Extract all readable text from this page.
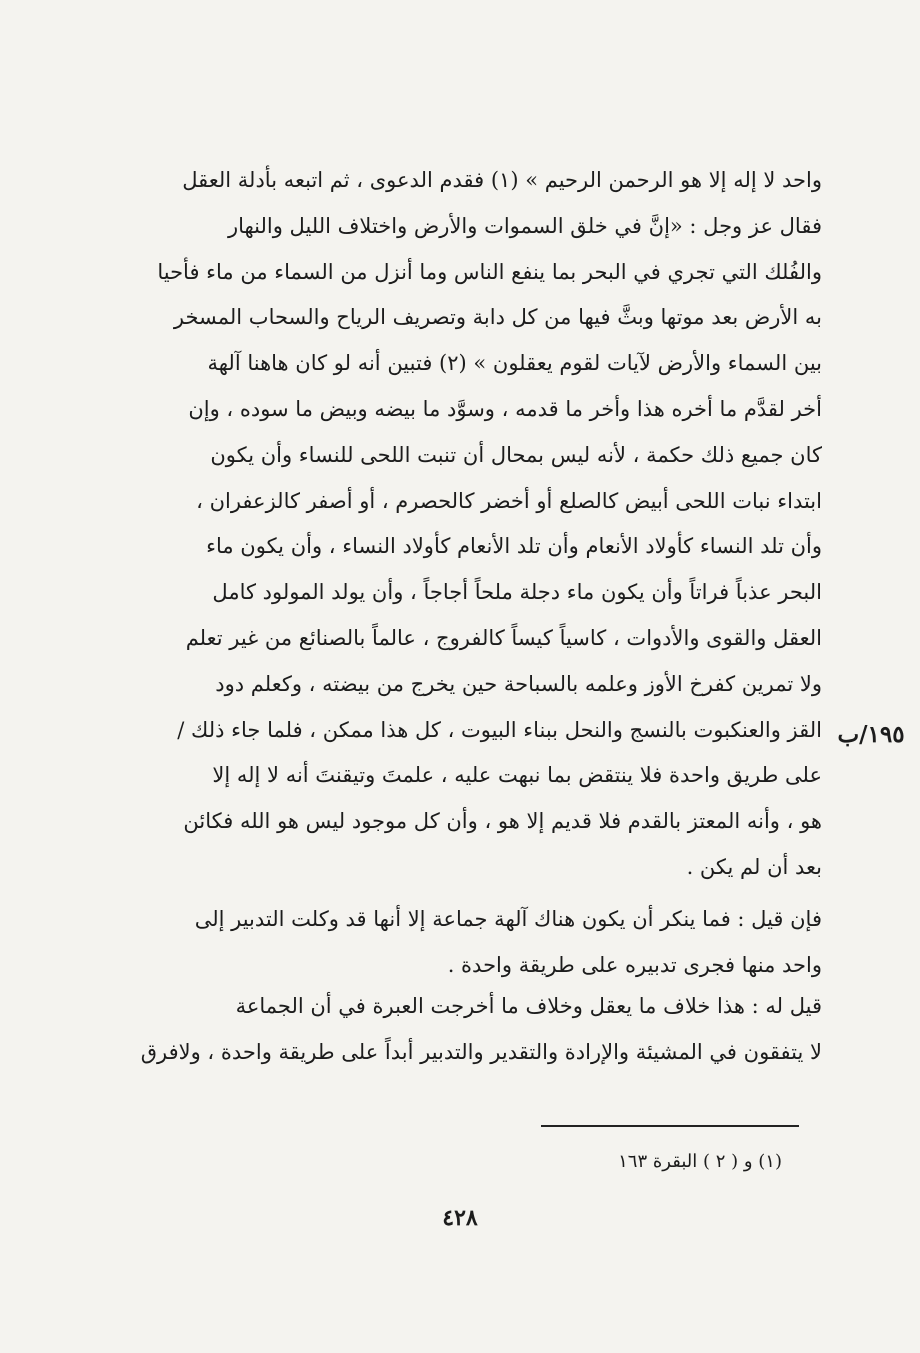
واحد لا إله إلا هو الرحمن الرحيم » (١) فقدم الدعوى ، ثم اتبعه بأدلة العقل
فقال عز وجل : «إنَّ في خلق السموات والأرض واختلاف الليل والنهار
والفُلك التي تجري في البحر بما ينفع الناس وما أنزل من السماء من ماء فأحيا
به الأرض بعد موتها وبثَّ فيها من كل دابة وتصريف الرياح والسحاب المسخر
بين السماء والأرض لآيات لقوم يعقلون » (٢) فتبين أنه لو كان هاهنا آلهة
أخر لقدَّم ما أخره هذا وأخر ما قدمه ، وسوَّد ما بيضه وبيض ما سوده ، وإن
كان جميع ذلك حكمة ، لأنه ليس بمحال أن تنبت اللحى للنساء وأن يكون
ابتداء نبات اللحى أبيض كالصلع أو أخضر كالحصرم ، أو أصفر كالزعفران ،
وأن تلد النساء كأولاد الأنعام وأن تلد الأنعام كأولاد النساء ، وأن يكون ماء
البحر عذباً فراتاً وأن يكون ماء دجلة ملحاً أجاجاً ، وأن يولد المولود كامل
العقل والقوى والأدوات ، كاسياً كيساً كالفروج ، عالماً بالصنائع من غير تعلم
ولا تمرين كفرخ الأوز وعلمه بالسباحة حين يخرج من بيضته ، وكعلم دود
القز والعنكبوت بالنسج والنحل ببناء البيوت ، كل هذا ممكن ، فلما جاء ذلك /
على طريق واحدة فلا ينتقض بما نبهت عليه ، علمتَ وتيقنتَ أنه لا إله إلا
هو ، وأنه المعتز بالقدم فلا قديم إلا هو ، وأن كل موجود ليس هو الله فكائن
بعد أن لم يكن .
١٩٥/ب
فإن قيل : فما ينكر أن يكون هناك آلهة جماعة إلا أنها قد وكلت التدبير إلى
واحد منها فجرى تدبيره على طريقة واحدة .
قيل له : هذا خلاف ما يعقل وخلاف ما أخرجت العبرة في أن الجماعة
لا يتفقون في المشيئة والإرادة والتقدير والتدبير أبداً على طريقة واحدة ، ولافرق
(١) و ( ٢ ) البقرة ١٦٣
٤٢٨
